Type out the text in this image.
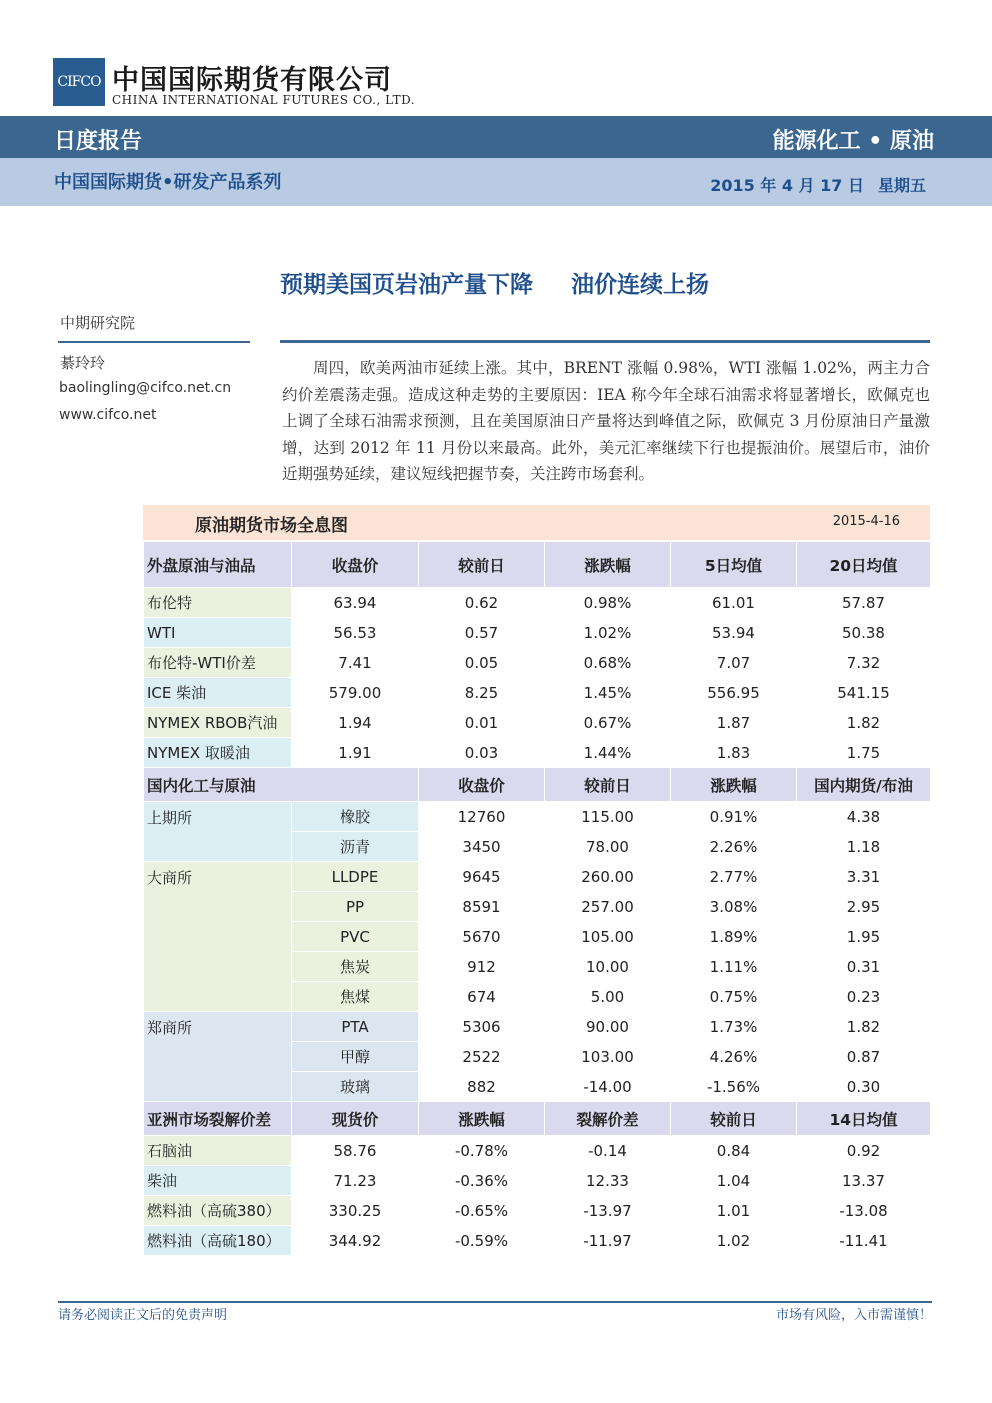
CIFCO 中国国际期货有限公司
CHINA INTERNATIONAL FUTURES CO., LTD.
日度报告	能源化工 • 原油
中国国际期货•研发产品系列	2015 年 4 月 17 日 星期五
预期美国页岩油产量下降 油价连续上扬
中期研究院
綦玲玲
baolingling@cifco.net.cn
www.cifco.net
周四，欧美两油市延续上涨。其中，BRENT 涨幅 0.98%，WTI 涨幅 1.02%，两主力合约价差震荡走强。造成这种走势的主要原因：IEA 称今年全球石油需求将显著增长，欧佩克也上调了全球石油需求预测，且在美国原油日产量将达到峰值之际，欧佩克 3 月份原油日产量激增，达到 2012 年 11 月份以来最高。此外，美元汇率继续下行也提振油价。展望后市，油价近期强势延续，建议短线把握节奏，关注跨市场套利。
原油期货市场全息图	2015-4-16
外盘原油与油品	收盘价	较前日	涨跌幅	5日均值	20日均值
布伦特	63.94	0.62	0.98%	61.01	57.87
WTI	56.53	0.57	1.02%	53.94	50.38
布伦特-WTI价差	7.41	0.05	0.68%	7.07	7.32
ICE 柴油	579.00	8.25	1.45%	556.95	541.15
NYMEX RBOB汽油	1.94	0.01	0.67%	1.87	1.82
NYMEX 取暖油	1.91	0.03	1.44%	1.83	1.75
国内化工与原油		收盘价	较前日	涨跌幅	国内期货/布油
上期所	橡胶	12760	115.00	0.91%	4.38
	沥青	3450	78.00	2.26%	1.18
大商所	LLDPE	9645	260.00	2.77%	3.31
	PP	8591	257.00	3.08%	2.95
	PVC	5670	105.00	1.89%	1.95
	焦炭	912	10.00	1.11%	0.31
	焦煤	674	5.00	0.75%	0.23
郑商所	PTA	5306	90.00	1.73%	1.82
	甲醇	2522	103.00	4.26%	0.87
	玻璃	882	-14.00	-1.56%	0.30
亚洲市场裂解价差	现货价	涨跌幅	裂解价差	较前日	14日均值
石脑油	58.76	-0.78%	-0.14	0.84	0.92
柴油	71.23	-0.36%	12.33	1.04	13.37
燃料油（高硫380）	330.25	-0.65%	-13.97	1.01	-13.08
燃料油（高硫180）	344.92	-0.59%	-11.97	1.02	-11.41
请务必阅读正文后的免责声明	市场有风险，入市需谨慎！
